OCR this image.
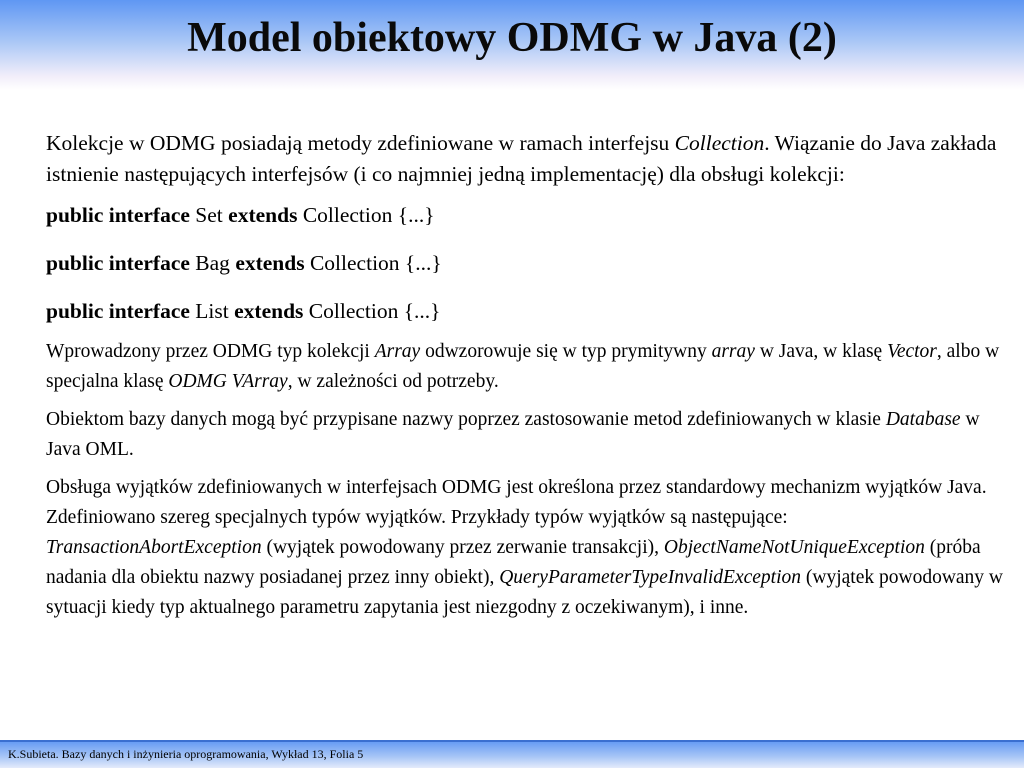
Model obiektowy ODMG w Java (2)

Kolekcje w ODMG posiadają metody zdefiniowane w ramach interfejsu Collection. Wiązanie do Java zakłada istnienie następujących interfejsów (i co najmniej jedną implementację) dla obsługi kolekcji:

public interface Set extends Collection {...}

public interface Bag extends Collection {...}

public interface List extends Collection {...}

Wprowadzony przez ODMG typ kolekcji Array odwzorowuje się w typ prymitywny array w Java, w klasę Vector, albo w specjalna klasę ODMG VArray, w zależności od potrzeby.

Obiektom bazy danych mogą być przypisane nazwy poprzez zastosowanie metod zdefiniowanych w klasie Database w Java OML.

Obsługa wyjątków zdefiniowanych w interfejsach ODMG jest określona przez standardowy mechanizm wyjątków Java. Zdefiniowano szereg specjalnych typów wyjątków. Przykłady typów wyjątków są następujące: TransactionAbortException (wyjątek powodowany przez zerwanie transakcji), ObjectNameNotUniqueException (próba nadania dla obiektu nazwy posiadanej przez inny obiekt), QueryParameterTypeInvalidException (wyjątek powodowany w sytuacji kiedy typ aktualnego parametru zapytania jest niezgodny z oczekiwanym), i inne.

K.Subieta. Bazy danych i inżynieria oprogramowania, Wykład 13, Folia 5
